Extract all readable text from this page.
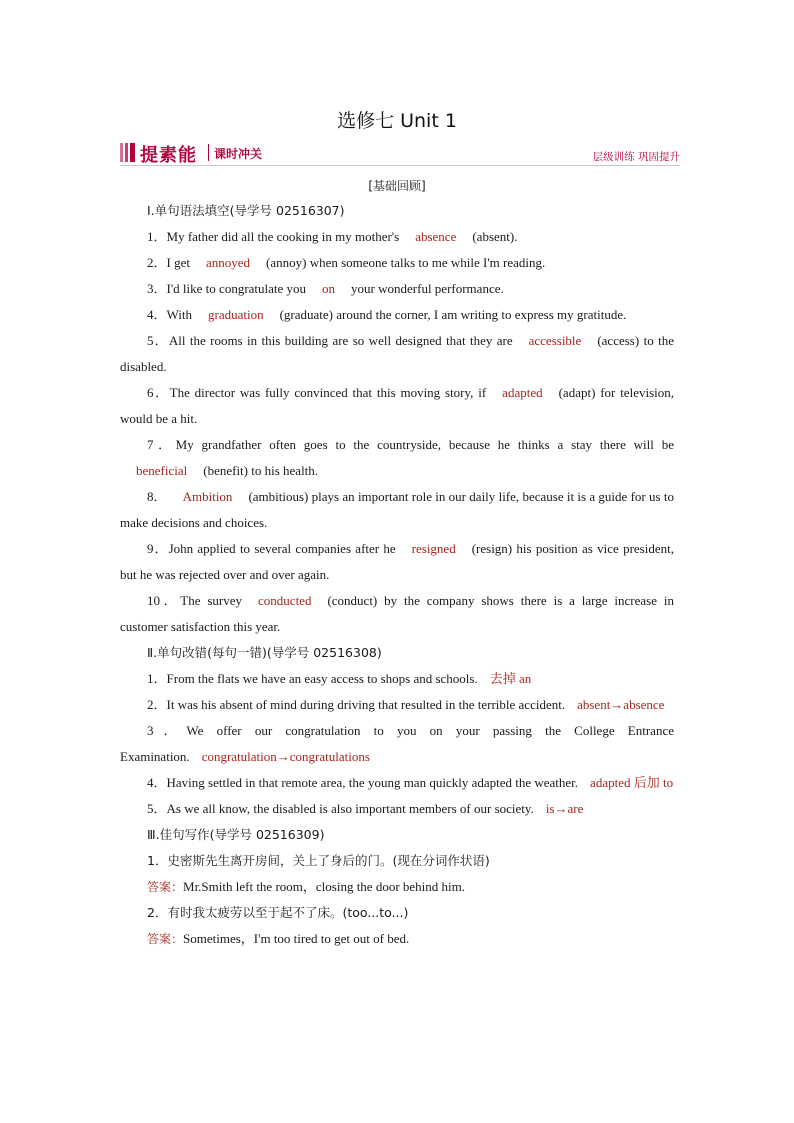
选修七 Unit 1
提素能 课时冲关	层级训练 巩固提升
[基础回顾]
Ⅰ.单句语法填空(导学号 02516307)
1．My father did all the cooking in my mother's absence (absent).
2．I get annoyed (annoy) when someone talks to me while I'm reading.
3．I'd like to congratulate you on your wonderful performance.
4．With graduation (graduate) around the corner, I am writing to express my gratitude.
5．All the rooms in this building are so well designed that they are accessible (access) to the disabled.
6．The director was fully convinced that this moving story, if adapted (adapt) for television, would be a hit.
7．My grandfather often goes to the countryside, because he thinks a stay there will bebeneficial (benefit) to his health.
8． Ambition (ambitious) plays an important role in our daily life, because it is a guide for us to make decisions and choices.
9．John applied to several companies after he resigned (resign) his position as vice president, but he was rejected over and over again.
10．The survey conducted (conduct) by the company shows there is a large increase in customer satisfaction this year.
Ⅱ.单句改错(每句一错)(导学号 02516308)
1．From the flats we have an easy access to shops and schools. 去掉 an
2．It was his absent of mind during driving that resulted in the terrible accident. absent→absence
3．We offer our congratulation to you on your passing the College Entrance Examination. congratulation→congratulations
4．Having settled in that remote area, the young man quickly adapted the weather. adapted 后加 to
5．As we all know, the disabled is also important members of our society. is→are
Ⅲ.佳句写作(导学号 02516309)
1．史密斯先生离开房间，关上了身后的门。(现在分词作状语)
答案：Mr.Smith left the room，closing the door behind him.
2．有时我太疲劳以至于起不了床。(too...to...)
答案：Sometimes，I'm too tired to get out of bed.
